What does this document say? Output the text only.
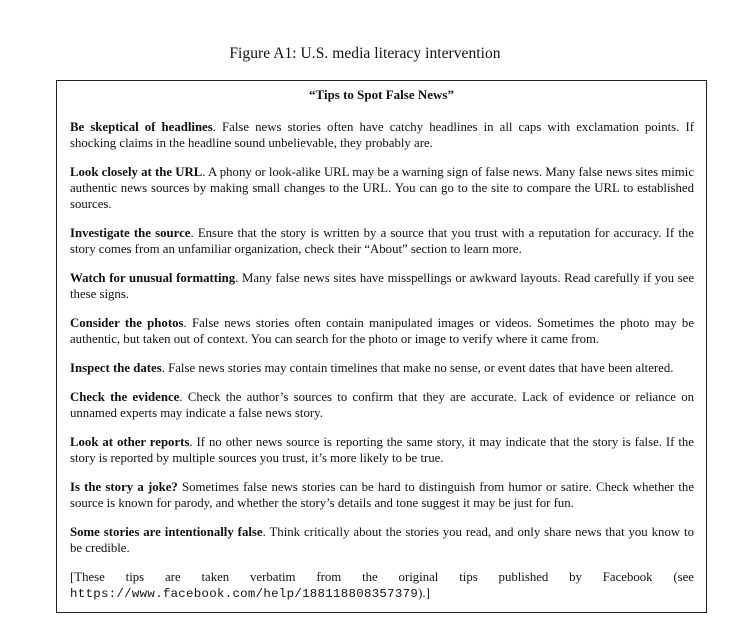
Figure A1: U.S. media literacy intervention
“Tips to Spot False News”

Be skeptical of headlines. False news stories often have catchy headlines in all caps with exclamation points. If shocking claims in the headline sound unbelievable, they probably are.

Look closely at the URL. A phony or look-alike URL may be a warning sign of false news. Many false news sites mimic authentic news sources by making small changes to the URL. You can go to the site to compare the URL to established sources.

Investigate the source. Ensure that the story is written by a source that you trust with a reputation for accuracy. If the story comes from an unfamiliar organization, check their “About” section to learn more.

Watch for unusual formatting. Many false news sites have misspellings or awkward layouts. Read carefully if you see these signs.

Consider the photos. False news stories often contain manipulated images or videos. Sometimes the photo may be authentic, but taken out of context. You can search for the photo or image to verify where it came from.

Inspect the dates. False news stories may contain timelines that make no sense, or event dates that have been altered.

Check the evidence. Check the author’s sources to confirm that they are accurate. Lack of evidence or reliance on unnamed experts may indicate a false news story.

Look at other reports. If no other news source is reporting the same story, it may indicate that the story is false. If the story is reported by multiple sources you trust, it’s more likely to be true.

Is the story a joke? Sometimes false news stories can be hard to distinguish from humor or satire. Check whether the source is known for parody, and whether the story’s details and tone suggest it may be just for fun.

Some stories are intentionally false. Think critically about the stories you read, and only share news that you know to be credible.

[These tips are taken verbatim from the original tips published by Facebook (see https://www.facebook.com/help/188118808357379).]
